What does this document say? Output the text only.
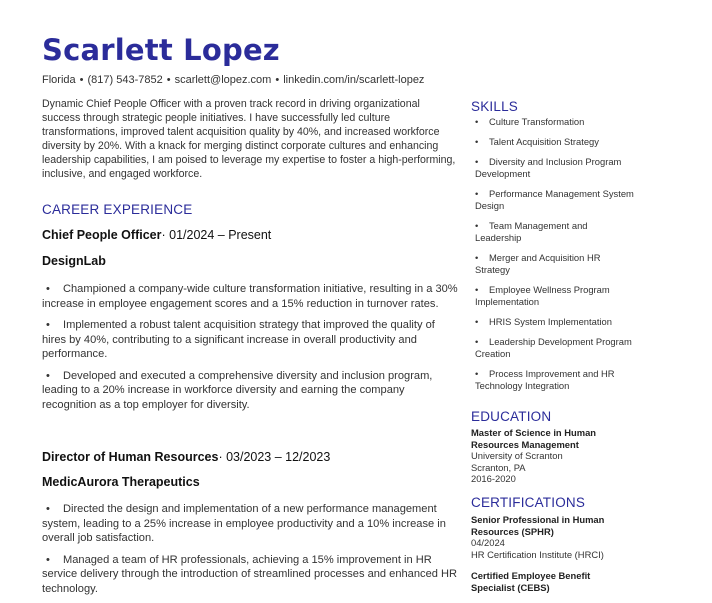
Scarlett Lopez
Florida • (817) 543-7852 • scarlett@lopez.com • linkedin.com/in/scarlett-lopez

Dynamic Chief People Officer with a proven track record in driving organizational success through strategic people initiatives. I have successfully led culture transformations, improved talent acquisition quality by 40%, and increased workforce diversity by 20%. With a knack for merging distinct corporate cultures and enhancing leadership capabilities, I am poised to leverage my expertise to foster a high-performing, inclusive, and engaged workforce.

CAREER EXPERIENCE
Chief People Officer· 01/2024 – Present
DesignLab
• Championed a company-wide culture transformation initiative, resulting in a 30% increase in employee engagement scores and a 15% reduction in turnover rates.
• Implemented a robust talent acquisition strategy that improved the quality of hires by 40%, contributing to a significant increase in overall productivity and performance.
• Developed and executed a comprehensive diversity and inclusion program, leading to a 20% increase in workforce diversity and earning the company recognition as a top employer for diversity.
Director of Human Resources· 03/2023 – 12/2023
MedicAurora Therapeutics
• Directed the design and implementation of a new performance management system, leading to a 25% increase in employee productivity and a 10% increase in overall job satisfaction.
• Managed a team of HR professionals, achieving a 15% improvement in HR service delivery through the introduction of streamlined processes and enhanced HR technology.
SKILLS
• Culture Transformation
• Talent Acquisition Strategy
• Diversity and Inclusion Program Development
• Performance Management System Design
• Team Management and Leadership
• Merger and Acquisition HR Strategy
• Employee Wellness Program Implementation
• HRIS System Implementation
• Leadership Development Program Creation
• Process Improvement and HR Technology Integration
EDUCATION
Master of Science in Human Resources Management
University of Scranton
Scranton, PA
2016-2020
CERTIFICATIONS
Senior Professional in Human Resources (SPHR)
04/2024
HR Certification Institute (HRCI)
Certified Employee Benefit Specialist (CEBS)
